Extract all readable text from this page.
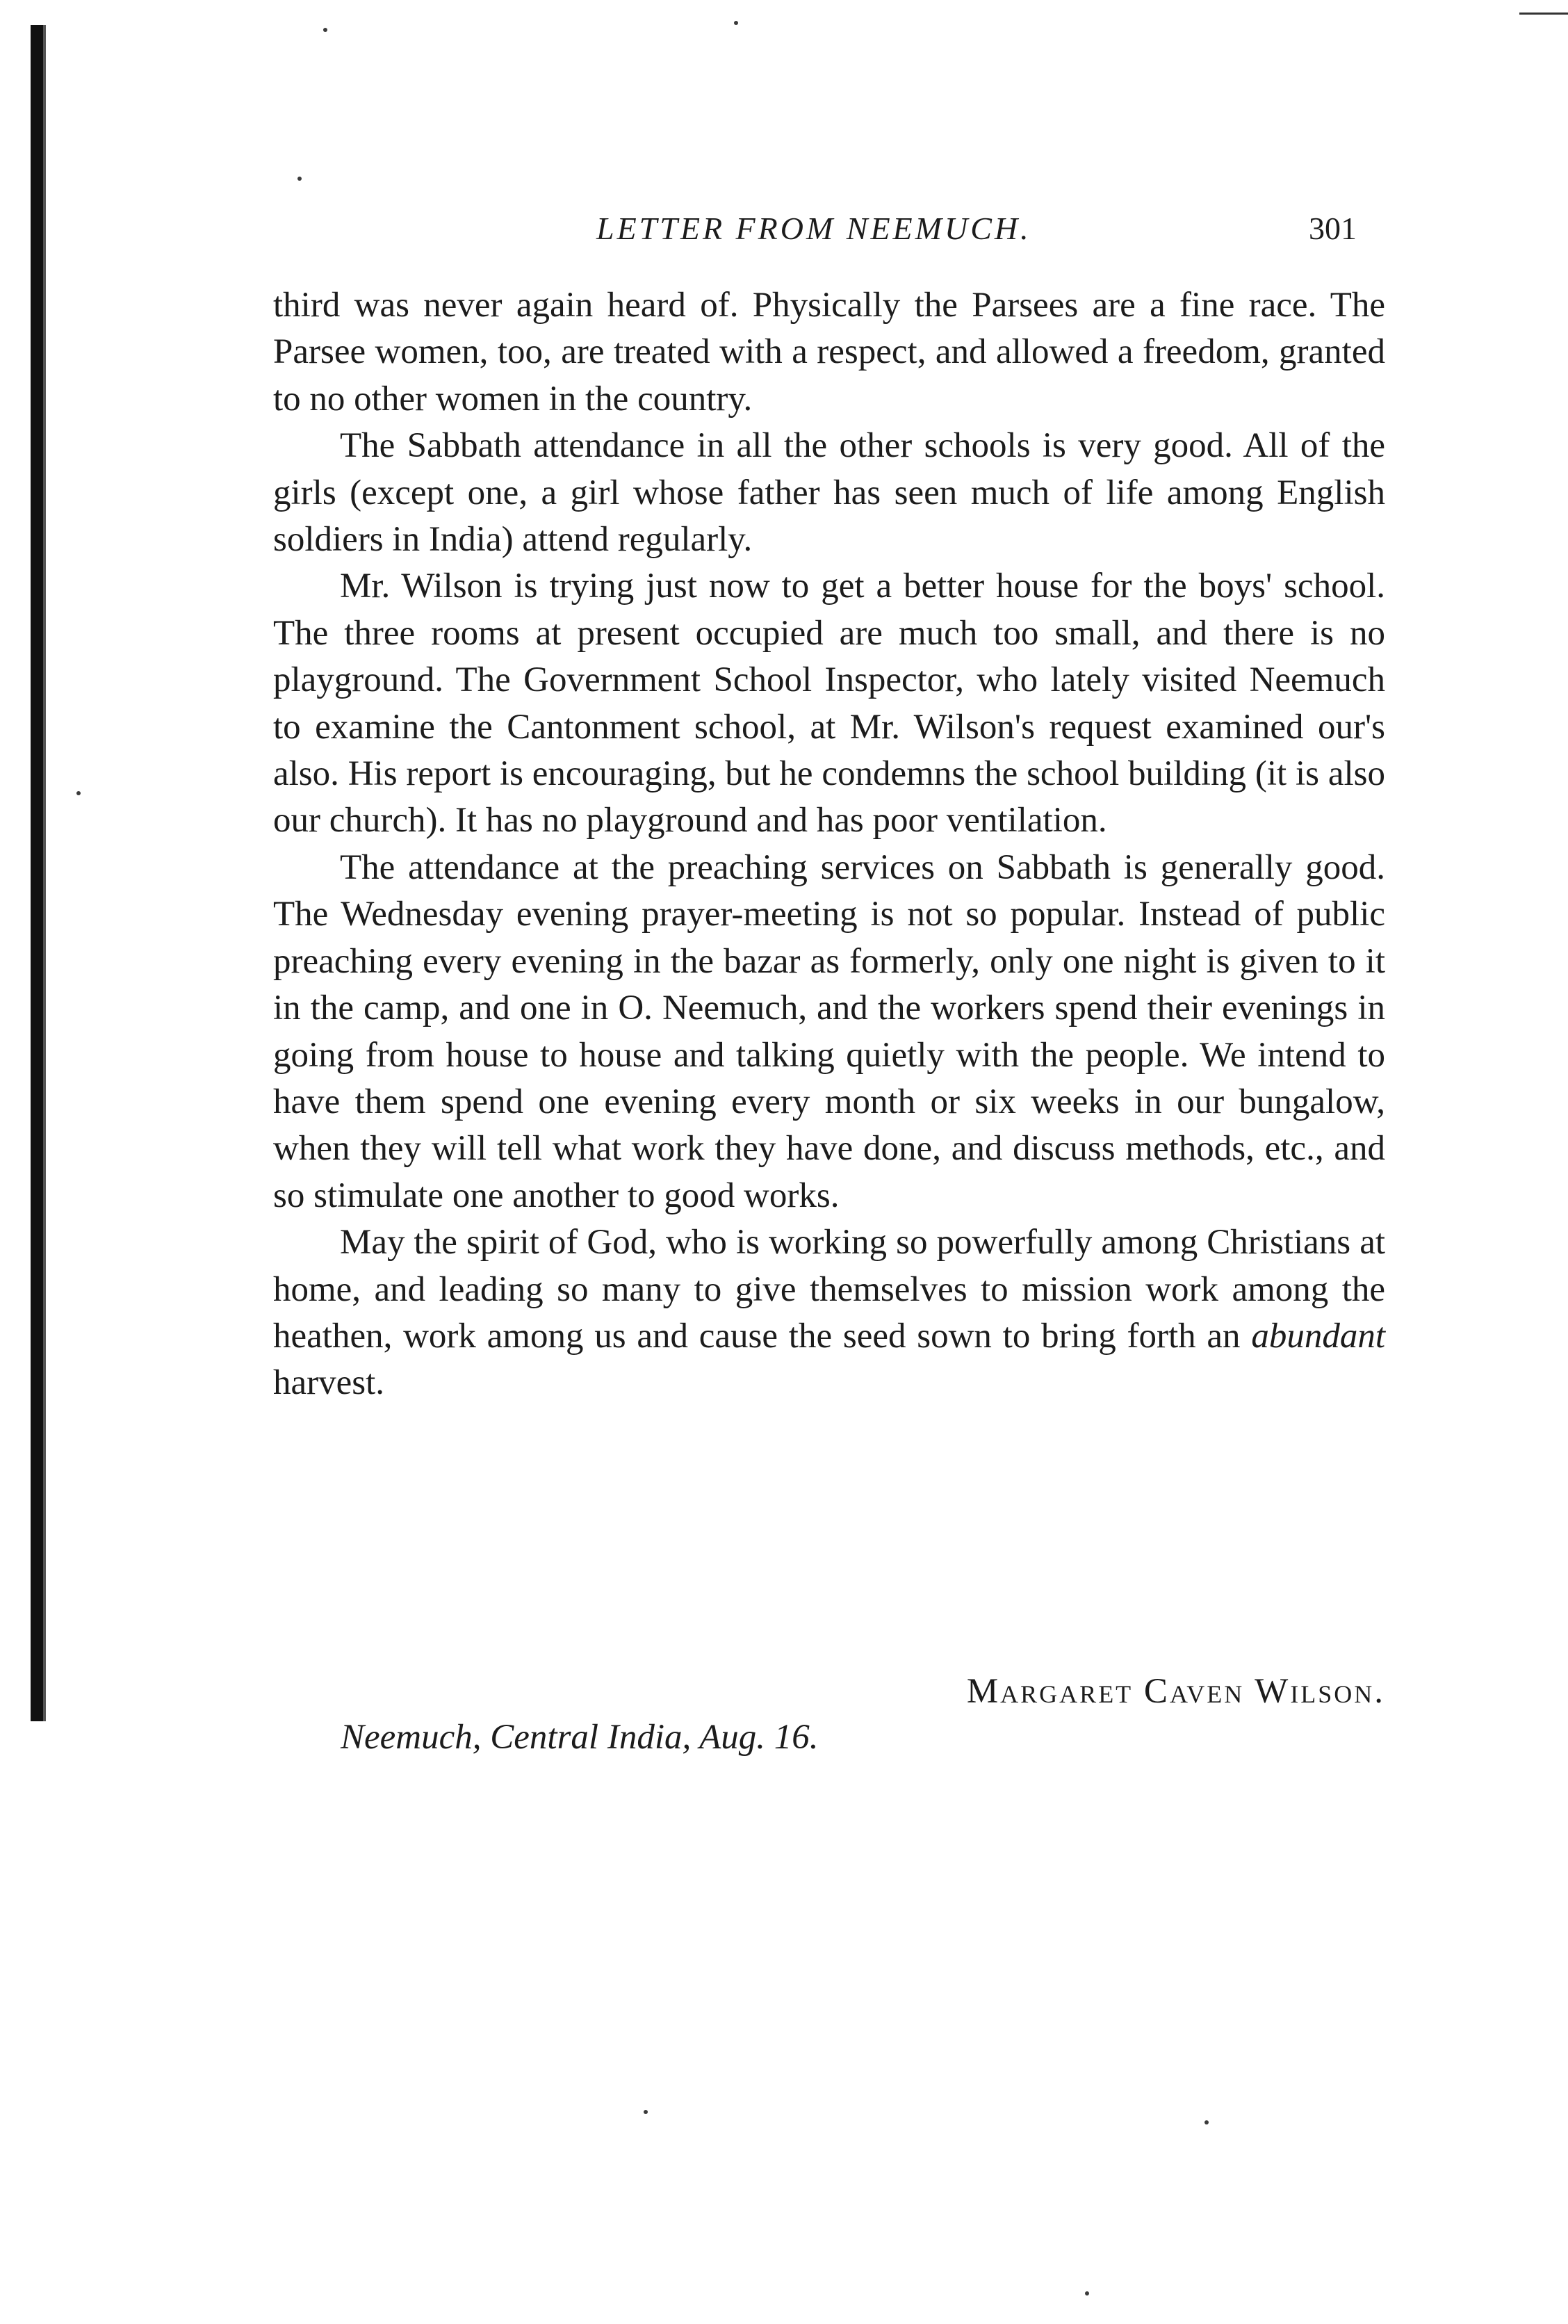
LETTER FROM NEEMUCH.	301

third was never again heard of. Physically the Parsees are a fine race. The Parsee women, too, are treated with a respect, and allowed a freedom, granted to no other women in the country.

The Sabbath attendance in all the other schools is very good. All of the girls (except one, a girl whose father has seen much of life among English soldiers in India) attend regularly.

Mr. Wilson is trying just now to get a better house for the boys' school. The three rooms at present occupied are much too small, and there is no playground. The Government School Inspector, who lately visited Neemuch to examine the Cantonment school, at Mr. Wilson's request examined our's also. His report is encouraging, but he condemns the school building (it is also our church). It has no playground and has poor ventilation.

The attendance at the preaching services on Sabbath is generally good. The Wednesday evening prayer-meeting is not so popular. Instead of public preaching every evening in the bazar as formerly, only one night is given to it in the camp, and one in O. Neemuch, and the workers spend their evenings in going from house to house and talking quietly with the people. We intend to have them spend one evening every month or six weeks in our bungalow, when they will tell what work they have done, and discuss methods, etc., and so stimulate one another to good works.

May the spirit of God, who is working so powerfully among Christians at home, and leading so many to give themselves to mission work among the heathen, work among us and cause the seed sown to bring forth an abundant harvest.

Margaret Caven Wilson.
Neemuch, Central India, Aug. 16.
